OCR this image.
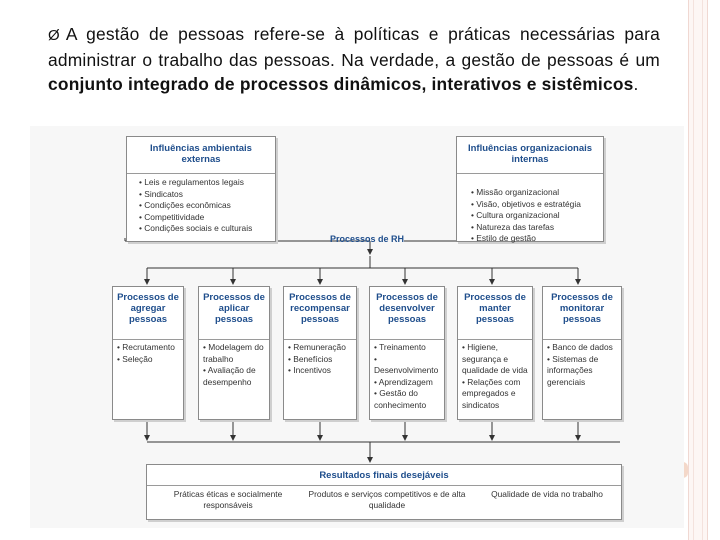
Ø A gestão de pessoas refere-se à políticas e práticas necessárias para administrar o trabalho das pessoas. Na verdade, a gestão de pessoas é um conjunto integrado de processos dinâmicos, interativos e sistêmicos.
Influências ambientais externas
• Leis e regulamentos legais
• Sindicatos
• Condições econômicas
• Competitividade
• Condições sociais e culturais
Influências organizacionais internas
• Missão organizacional
• Visão, objetivos e estratégia
• Cultura organizacional
• Natureza das tarefas
• Estilo de gestão
Processos de RH
Processos de agregar pessoas
• Recrutamento
• Seleção
Processos de aplicar pessoas
• Modelagem do trabalho
• Avaliação de desempenho
Processos de recompensar pessoas
• Remuneração
• Benefícios
• Incentivos
Processos de desenvolver pessoas
• Treinamento
• Desenvolvimento
• Aprendizagem
• Gestão do conhecimento
Processos de manter pessoas
• Higiene, segurança e qualidade de vida
• Relações com empregados e sindicatos
Processos de monitorar pessoas
• Banco de dados
• Sistemas de informações gerenciais
Resultados finais desejáveis
Práticas éticas e socialmente responsáveis
Produtos e serviços competitivos e de alta qualidade
Qualidade de vida no trabalho
